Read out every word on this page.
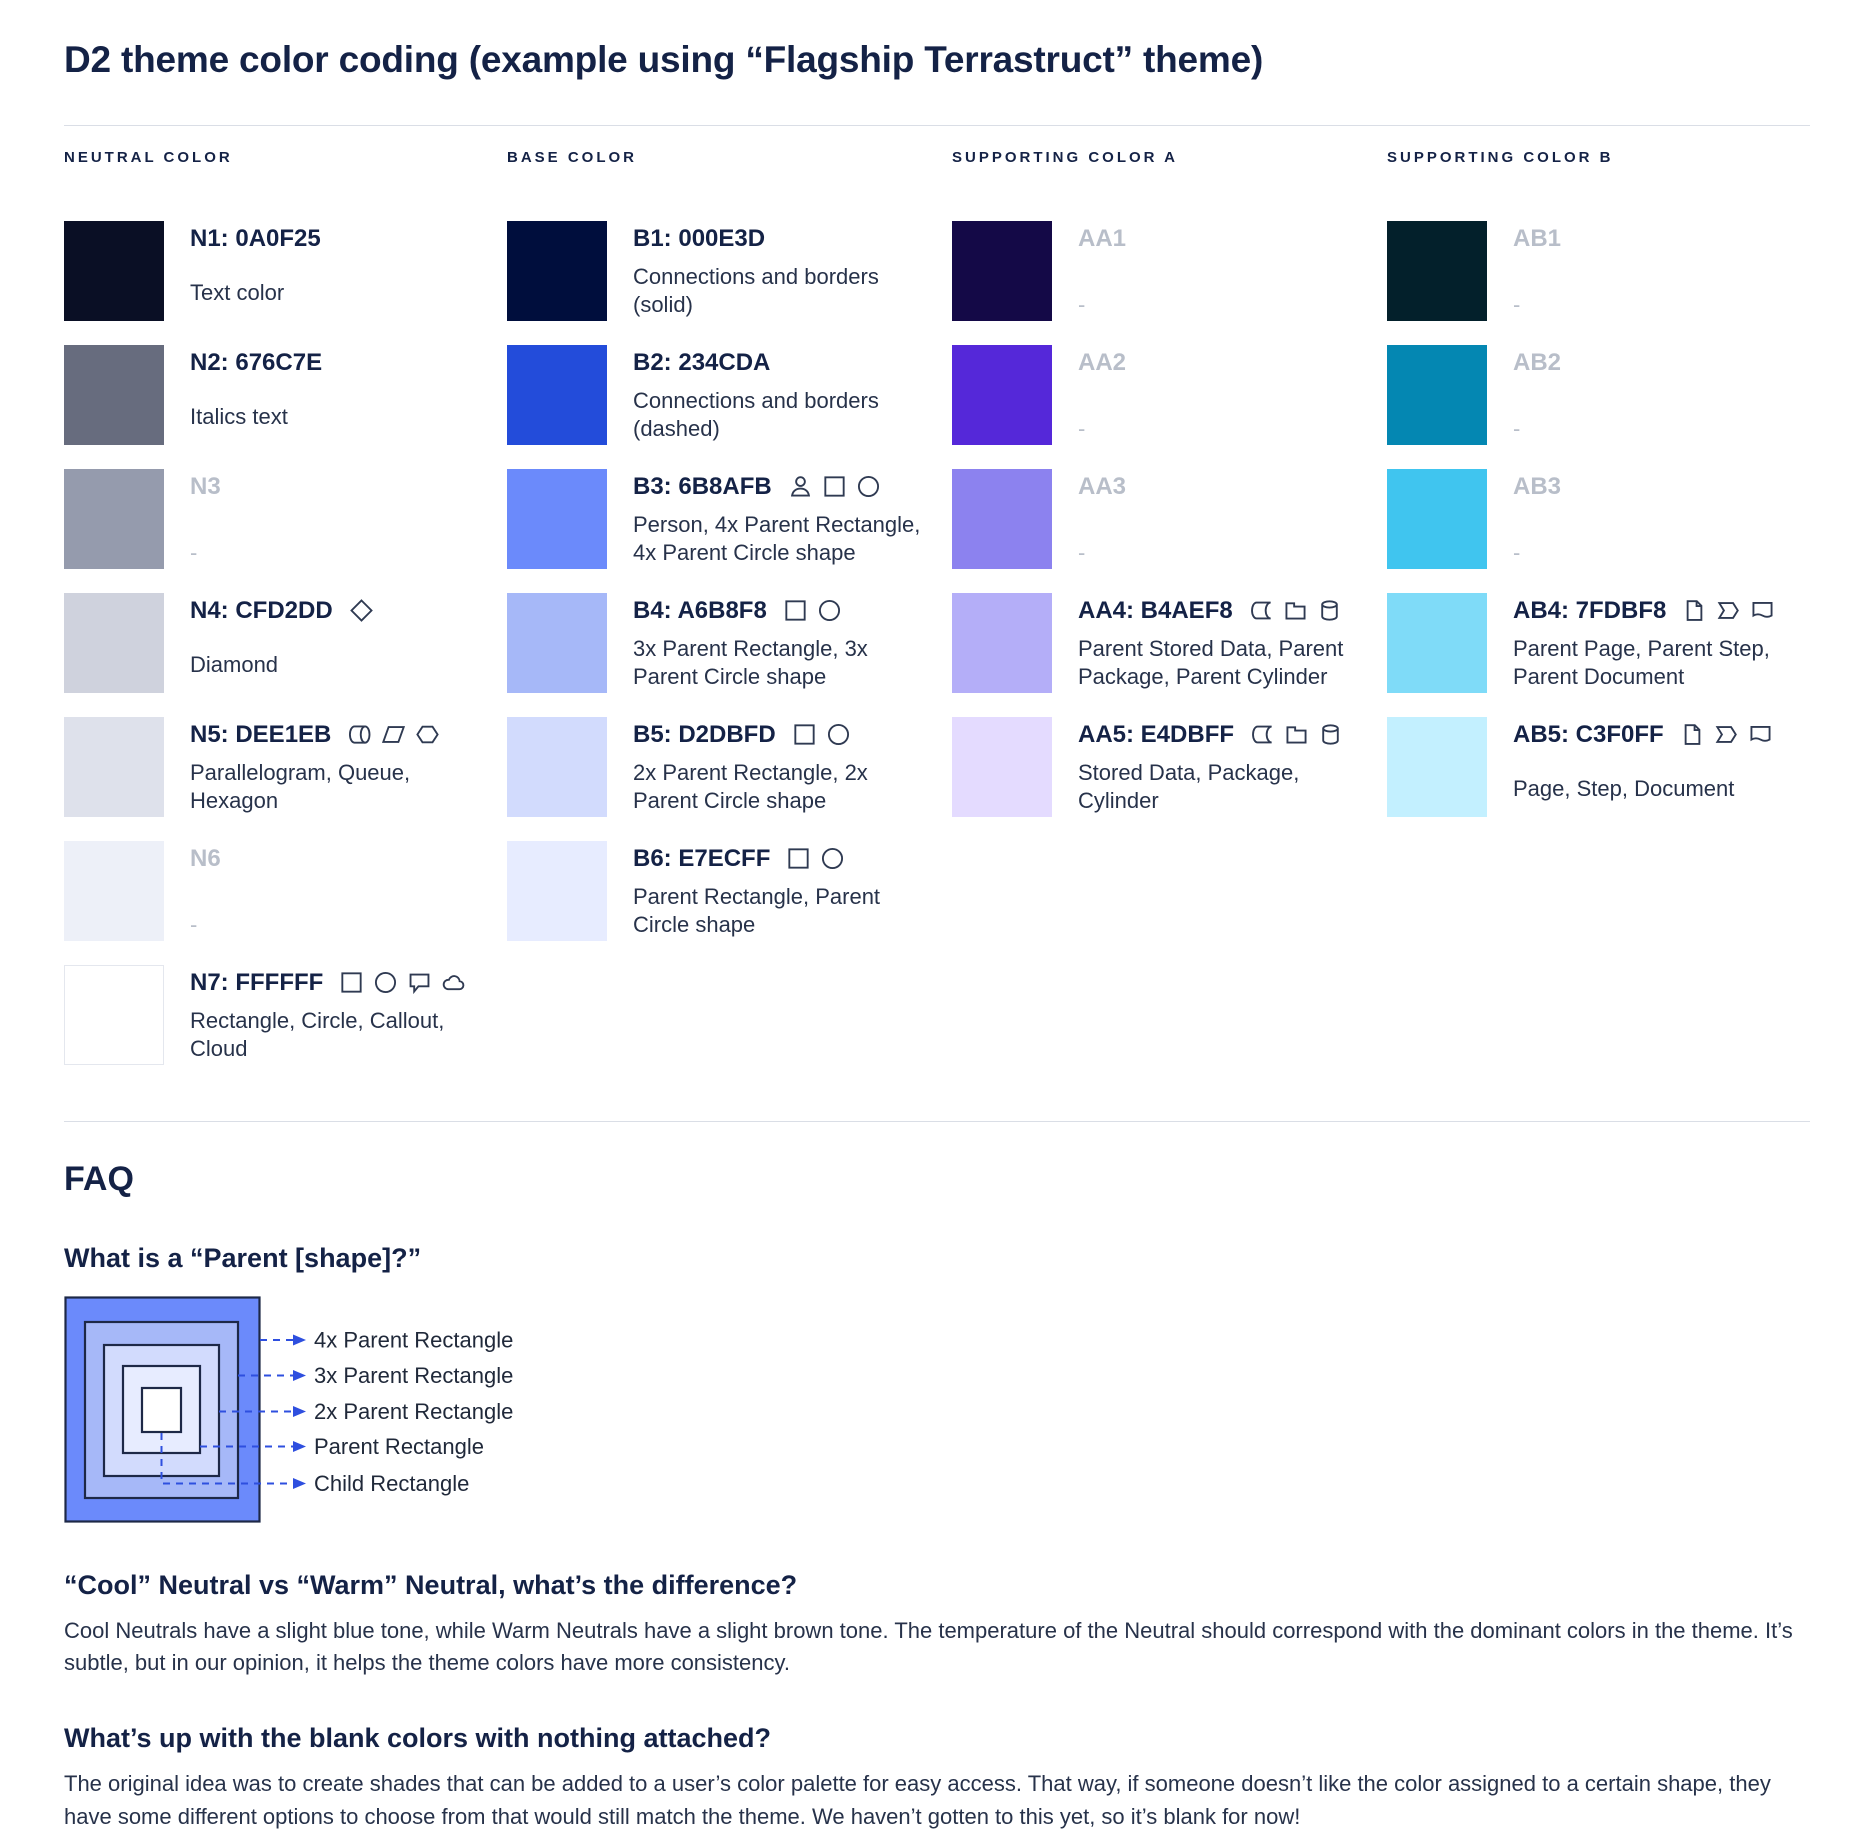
D2 theme color coding (example using “Flagship Terrastruct” theme)
NEUTRAL COLOR
N1: 0A0F25
Text color
N2: 676C7E
Italics text
N3
-
N4: CFD2DD
Diamond
N5: DEE1EB
Parallelogram, Queue, Hexagon
N6
-
N7: FFFFFF
Rectangle, Circle, Callout, Cloud
BASE COLOR
B1: 000E3D
Connections and borders (solid)
B2: 234CDA
Connections and borders (dashed)
B3: 6B8AFB
Person, 4x Parent Rectangle, 4x Parent Circle shape
B4: A6B8F8
3x Parent Rectangle, 3x Parent Circle shape
B5: D2DBFD
2x Parent Rectangle, 2x Parent Circle shape
B6: E7ECFF
Parent Rectangle, Parent Circle shape
SUPPORTING COLOR A
AA1
-
AA2
-
AA3
-
AA4: B4AEF8
Parent Stored Data, Parent Package, Parent Cylinder
AA5: E4DBFF
Stored Data, Package, Cylinder
SUPPORTING COLOR B
AB1
-
AB2
-
AB3
-
AB4: 7FDBF8
Parent Page, Parent Step, Parent Document
AB5: C3F0FF
Page, Step, Document
FAQ
What is a “Parent [shape]?”
4x Parent Rectangle
3x Parent Rectangle
2x Parent Rectangle
Parent Rectangle
Child Rectangle
“Cool” Neutral vs “Warm” Neutral, what’s the difference?

Cool Neutrals have a slight blue tone, while Warm Neutrals have a slight brown tone. The temperature of the Neutral should correspond with the dominant colors in the theme. It’s subtle, but in our opinion, it helps the theme colors have more consistency.

What’s up with the blank colors with nothing attached?

The original idea was to create shades that can be added to a user’s color palette for easy access. That way, if someone doesn’t like the color assigned to a certain shape, they have some different options to choose from that would still match the theme. We haven’t gotten to this yet, so it’s blank for now!
